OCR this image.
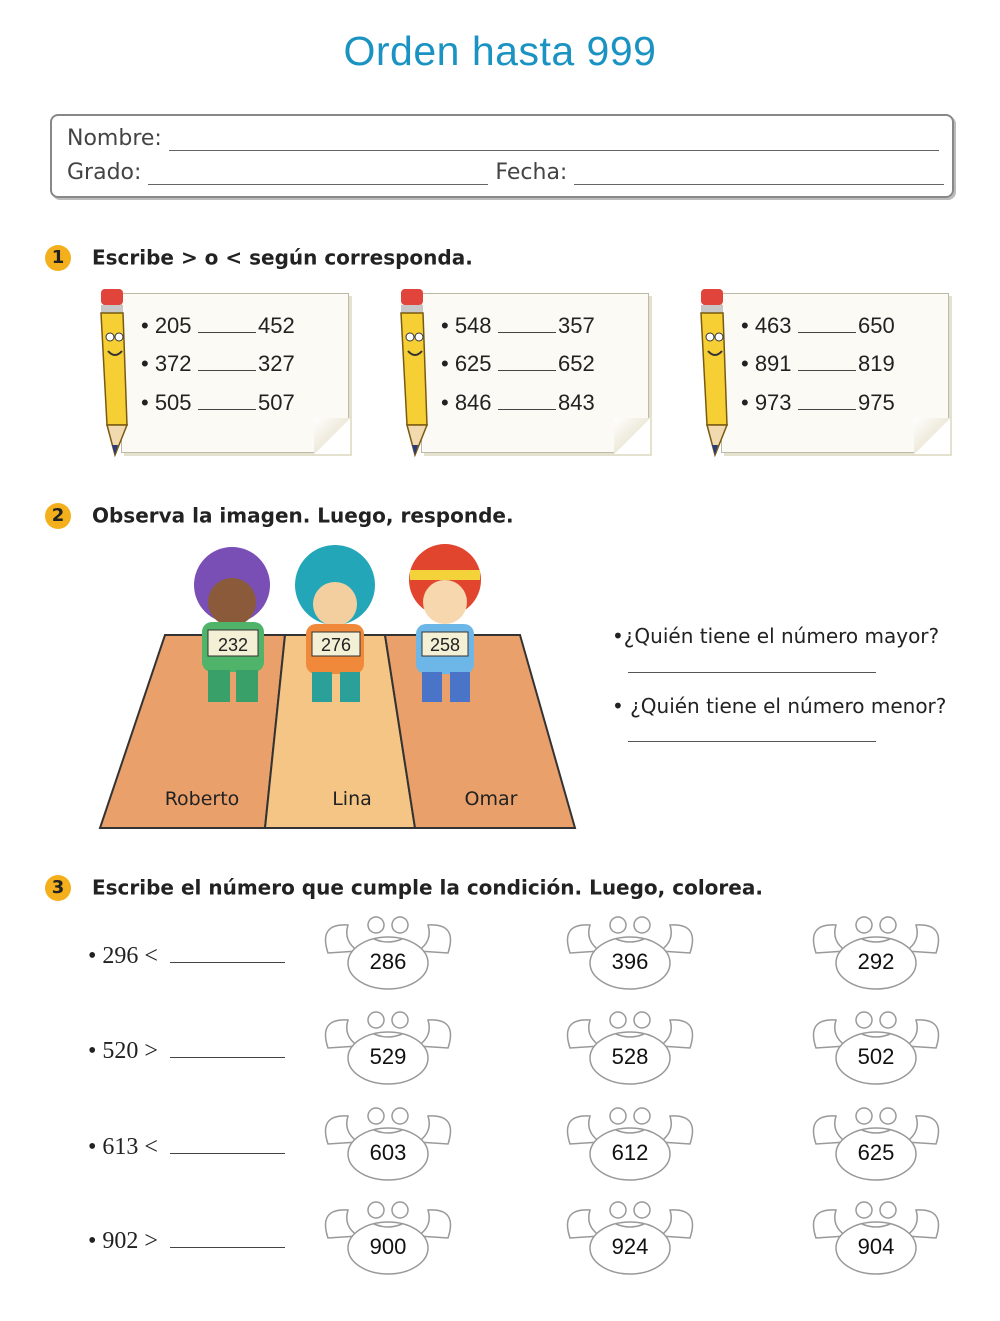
Orden hasta 999
Nombre:
Grado:	Fecha:
1 Escribe > o < según corresponda.
• 205	452
• 372	327
• 505	507
• 548	357
• 625	652
• 846	843
• 463	650
• 891	819
• 973	975
2 Observa la imagen. Luego, responde.
232	276	258
Roberto	Lina	Omar
•¿Quién tiene el número mayor?
• ¿Quién tiene el número menor?
3 Escribe el número que cumple la condición. Luego, colorea.
• 296 <	286	396	292
• 520 >	529	528	502
• 613 <	603	612	625
• 902 >	900	924	904
